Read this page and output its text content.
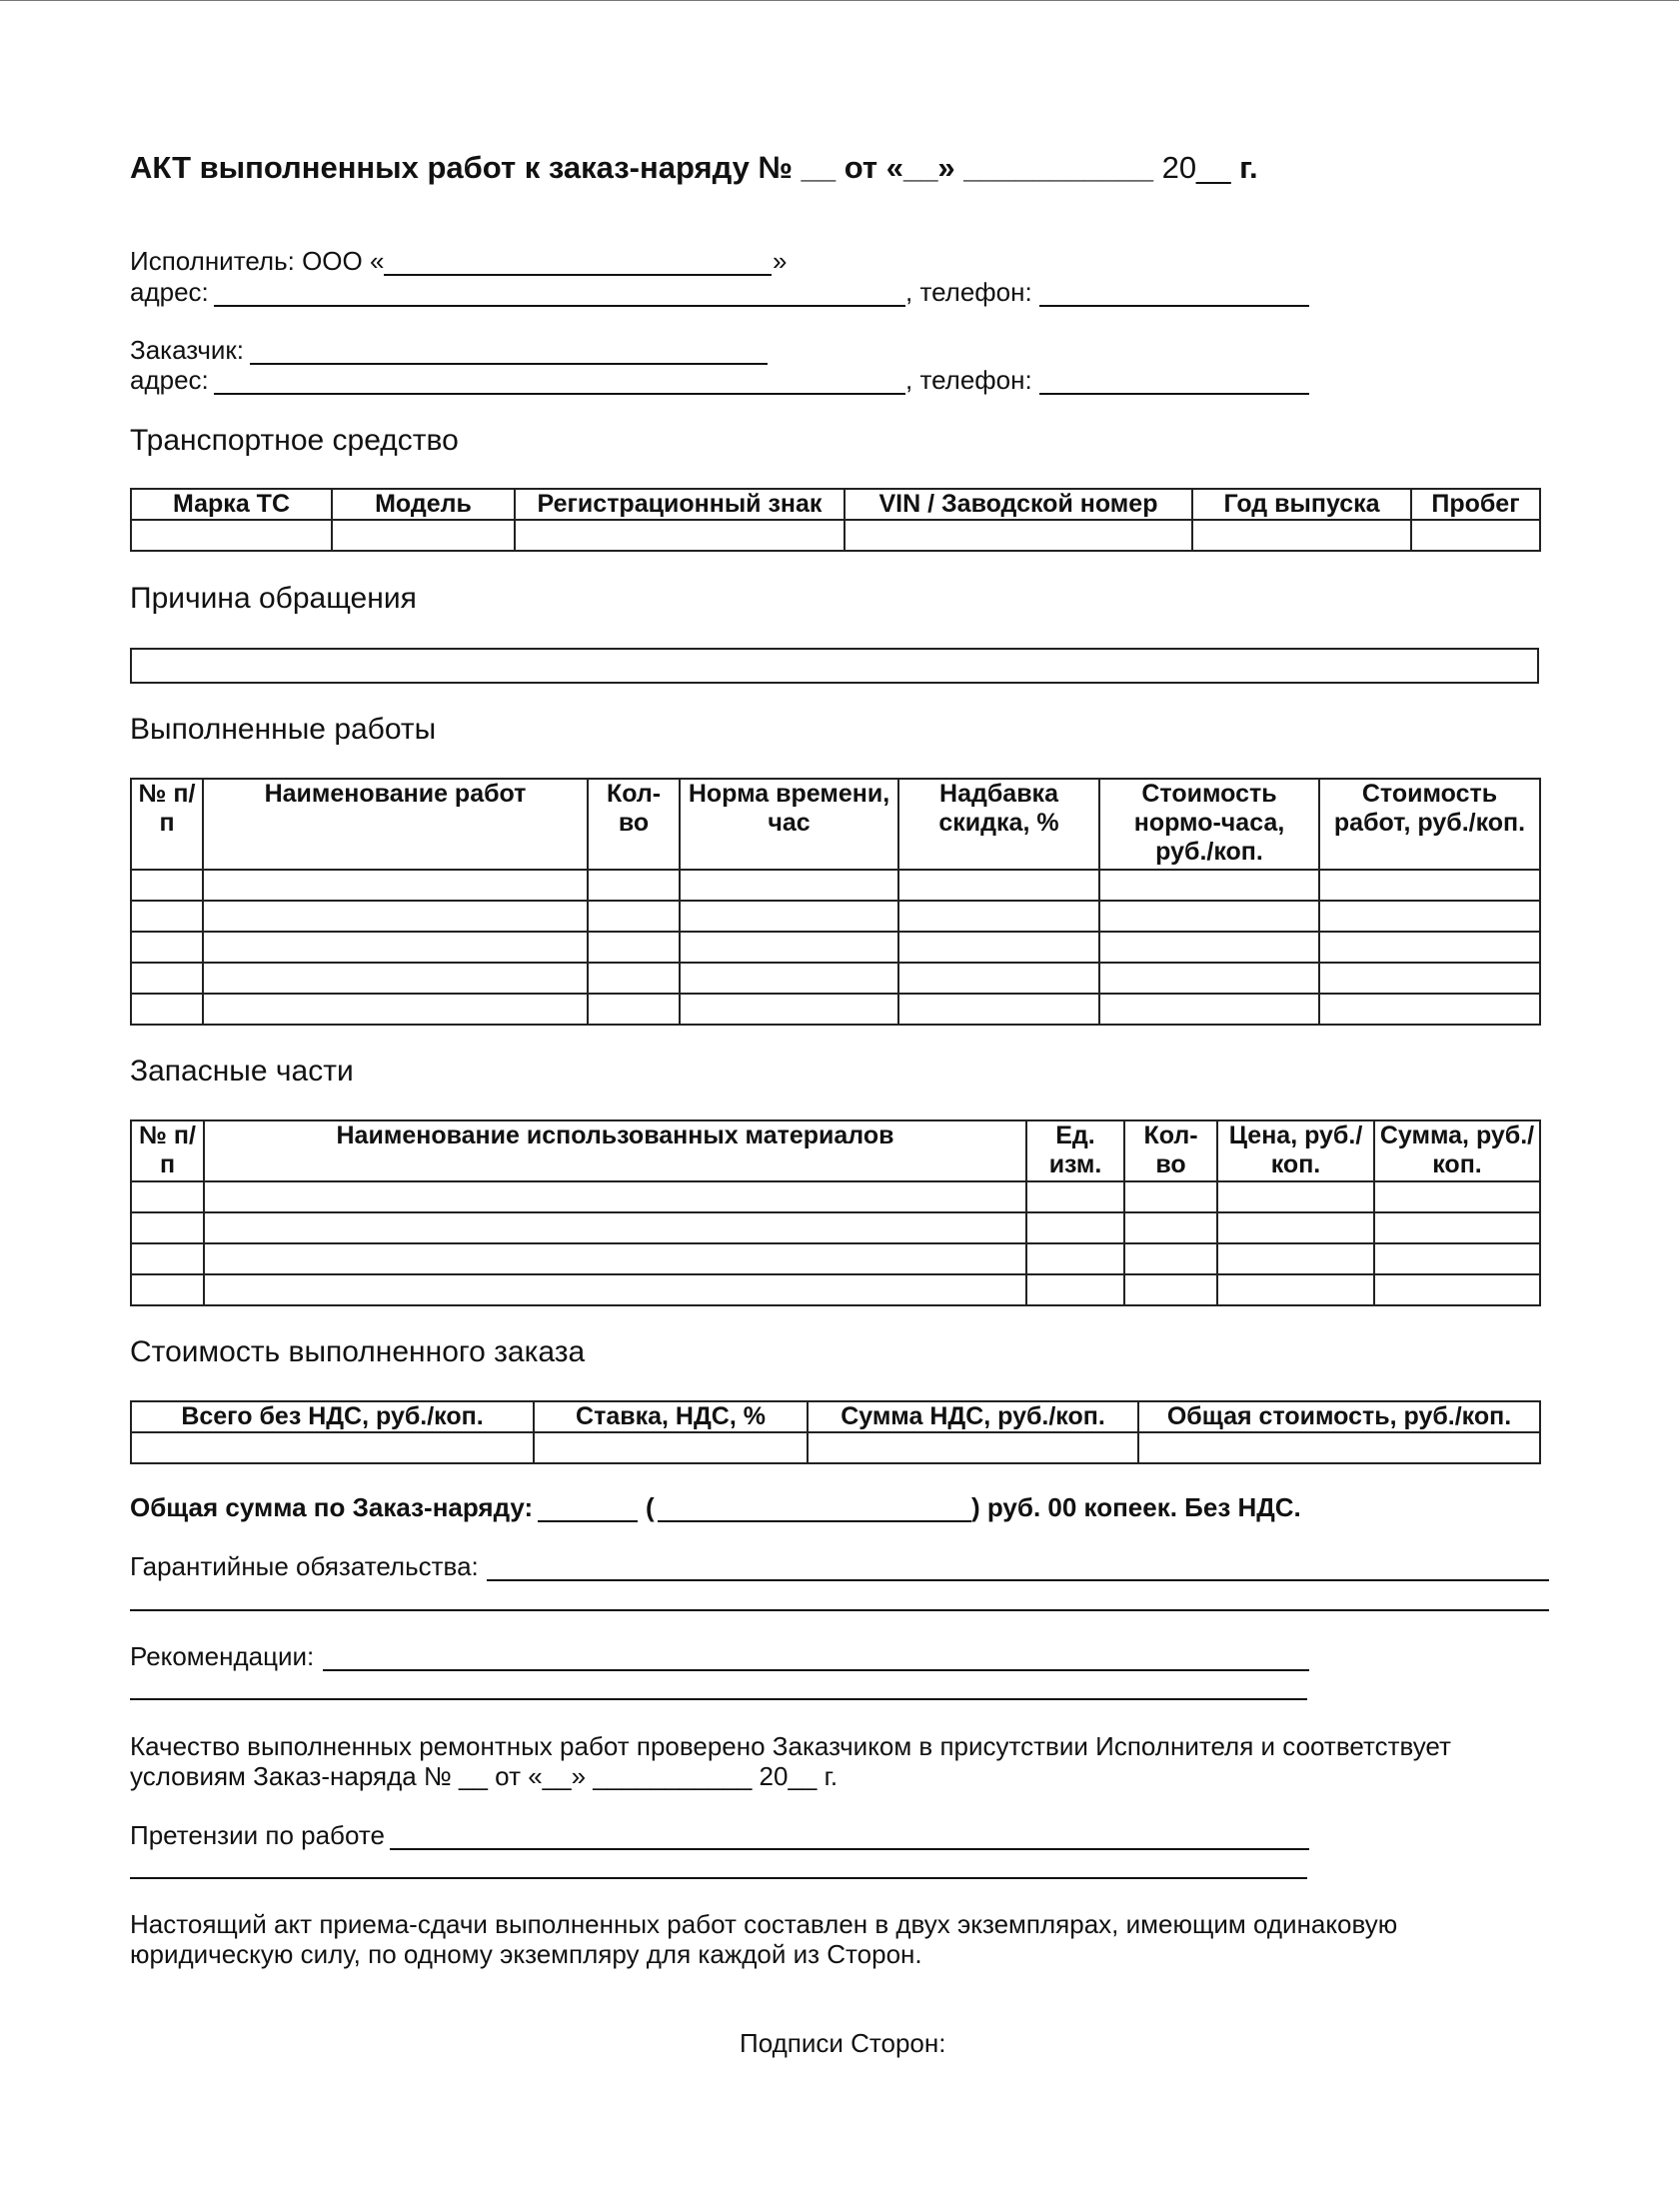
АКТ выполненных работ к заказ-наряду № __ от «__» ___________ 20__ г.
Исполнитель: ООО «	»
адрес:	, телефон:
Заказчик:
адрес:	, телефон:
Транспортное средство
Марка ТС	Модель	Регистрационный знак	VIN / Заводской номер	Год выпуска	Пробег

Причина обращения
Выполненные работы
№ п/п	Наименование работ	Кол-во	Норма времени, час	Надбавка скидка, %	Стоимость нормо-часа, руб./коп.	Стоимость работ, руб./коп.

Запасные части
№ п/п	Наименование использованных материалов	Ед. изм.	Кол-во	Цена, руб./коп.	Сумма, руб./коп.

Стоимость выполненного заказа
Всего без НДС, руб./коп.	Ставка, НДС, %	Сумма НДС, руб./коп.	Общая стоимость, руб./коп.

Общая сумма по Заказ-наряду:	(	) руб. 00 копеек. Без НДС.
Гарантийные обязательства:
Рекомендации:
Качество выполненных ремонтных работ проверено Заказчиком в присутствии Исполнителя и соответствует
условиям Заказ-наряда № __ от «__» ___________ 20__ г.
Претензии по работе
Настоящий акт приема-сдачи выполненных работ составлен в двух экземплярах, имеющим одинаковую
юридическую силу, по одному экземпляру для каждой из Сторон.
Подписи Сторон:
